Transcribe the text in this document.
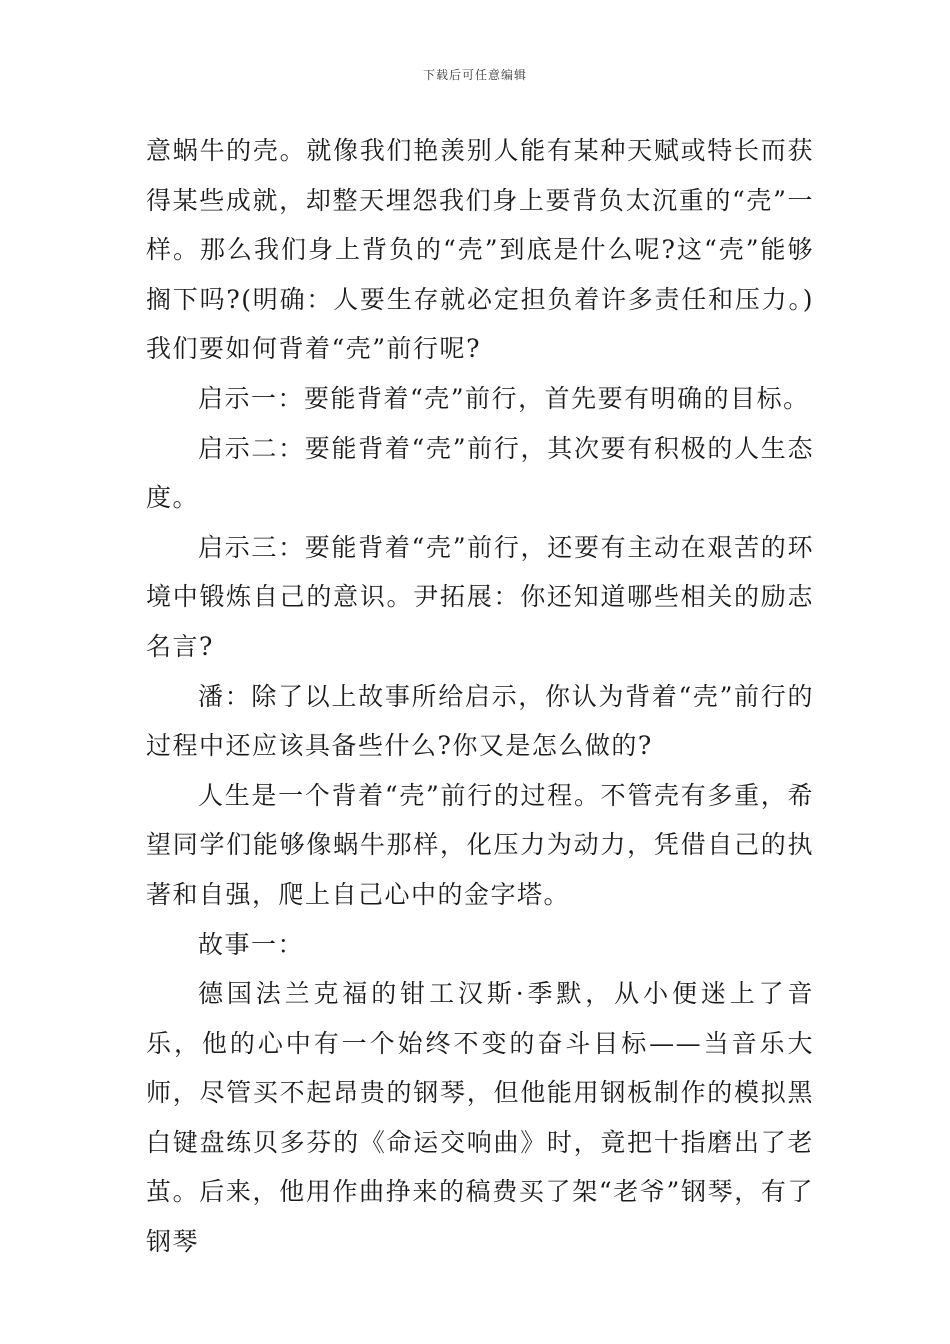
下载后可任意编辑

意蜗牛的壳。就像我们艳羡别人能有某种天赋或特长而获得某些成就，却整天埋怨我们身上要背负太沉重的“壳”一样。那么我们身上背负的“壳”到底是什么呢?这“壳”能够搁下吗?(明确：人要生存就必定担负着许多责任和压力。)我们要如何背着“壳”前行呢?

启示一：要能背着“壳”前行，首先要有明确的目标。

启示二：要能背着“壳”前行，其次要有积极的人生态度。

启示三：要能背着“壳”前行，还要有主动在艰苦的环境中锻炼自己的意识。尹拓展：你还知道哪些相关的励志名言?

潘：除了以上故事所给启示，你认为背着“壳”前行的过程中还应该具备些什么?你又是怎么做的?

人生是一个背着“壳”前行的过程。不管壳有多重，希望同学们能够像蜗牛那样，化压力为动力，凭借自己的执著和自强，爬上自己心中的金字塔。

故事一：

德国法兰克福的钳工汉斯·季默，从小便迷上了音乐，他的心中有一个始终不变的奋斗目标——当音乐大师，尽管买不起昂贵的钢琴，但他能用钢板制作的模拟黑白键盘练贝多芬的《命运交响曲》时，竟把十指磨出了老茧。后来，他用作曲挣来的稿费买了架“老爷”钢琴，有了钢琴
